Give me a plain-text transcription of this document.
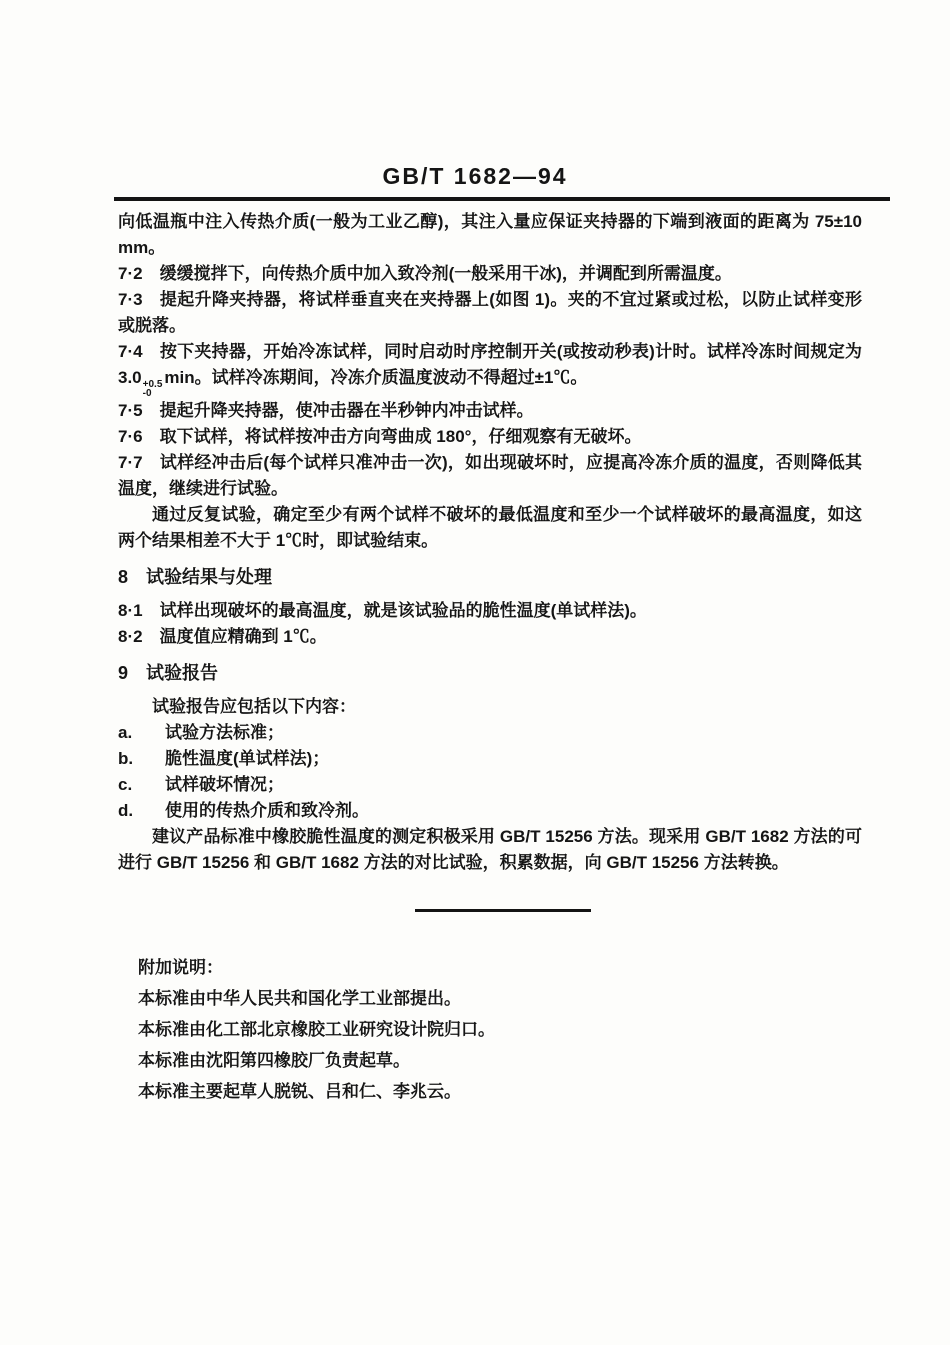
GB/T 1682—94

向低温瓶中注入传热介质(一般为工业乙醇)，其注入量应保证夹持器的下端到液面的距离为 75±10 mm。

7·2 缓缓搅拌下，向传热介质中加入致冷剂(一般采用干冰)，并调配到所需温度。

7·3 提起升降夹持器，将试样垂直夹在夹持器上(如图 1)。夹的不宜过紧或过松，以防止试样变形或脱落。

7·4 按下夹持器，开始冷冻试样，同时启动时序控制开关(或按动秒表)计时。试样冷冻时间规定为 3.0 +0.5
-0
min。试样冷冻期间，冷冻介质温度波动不得超过±1℃。

7·5 提起升降夹持器，使冲击器在半秒钟内冲击试样。

7·6 取下试样，将试样按冲击方向弯曲成 180°，仔细观察有无破坏。

7·7 试样经冲击后(每个试样只准冲击一次)，如出现破坏时，应提高冷冻介质的温度，否则降低其温度，继续进行试验。

通过反复试验，确定至少有两个试样不破坏的最低温度和至少一个试样破坏的最高温度，如这两个结果相差不大于 1℃时，即试验结束。

8 试验结果与处理

8·1 试样出现破坏的最高温度，就是该试验品的脆性温度(单试样法)。

8·2 温度值应精确到 1℃。

9 试验报告

试验报告应包括以下内容：

a. 试验方法标准；

b. 脆性温度(单试样法)；

c. 试样破坏情况；

d. 使用的传热介质和致冷剂。

建议产品标准中橡胶脆性温度的测定积极采用 GB/T 15256 方法。现采用 GB/T 1682 方法的可进行 GB/T 15256 和 GB/T 1682 方法的对比试验，积累数据，向 GB/T 15256 方法转换。

附加说明：

本标准由中华人民共和国化学工业部提出。

本标准由化工部北京橡胶工业研究设计院归口。

本标准由沈阳第四橡胶厂负责起草。

本标准主要起草人脱锐、吕和仁、李兆云。
